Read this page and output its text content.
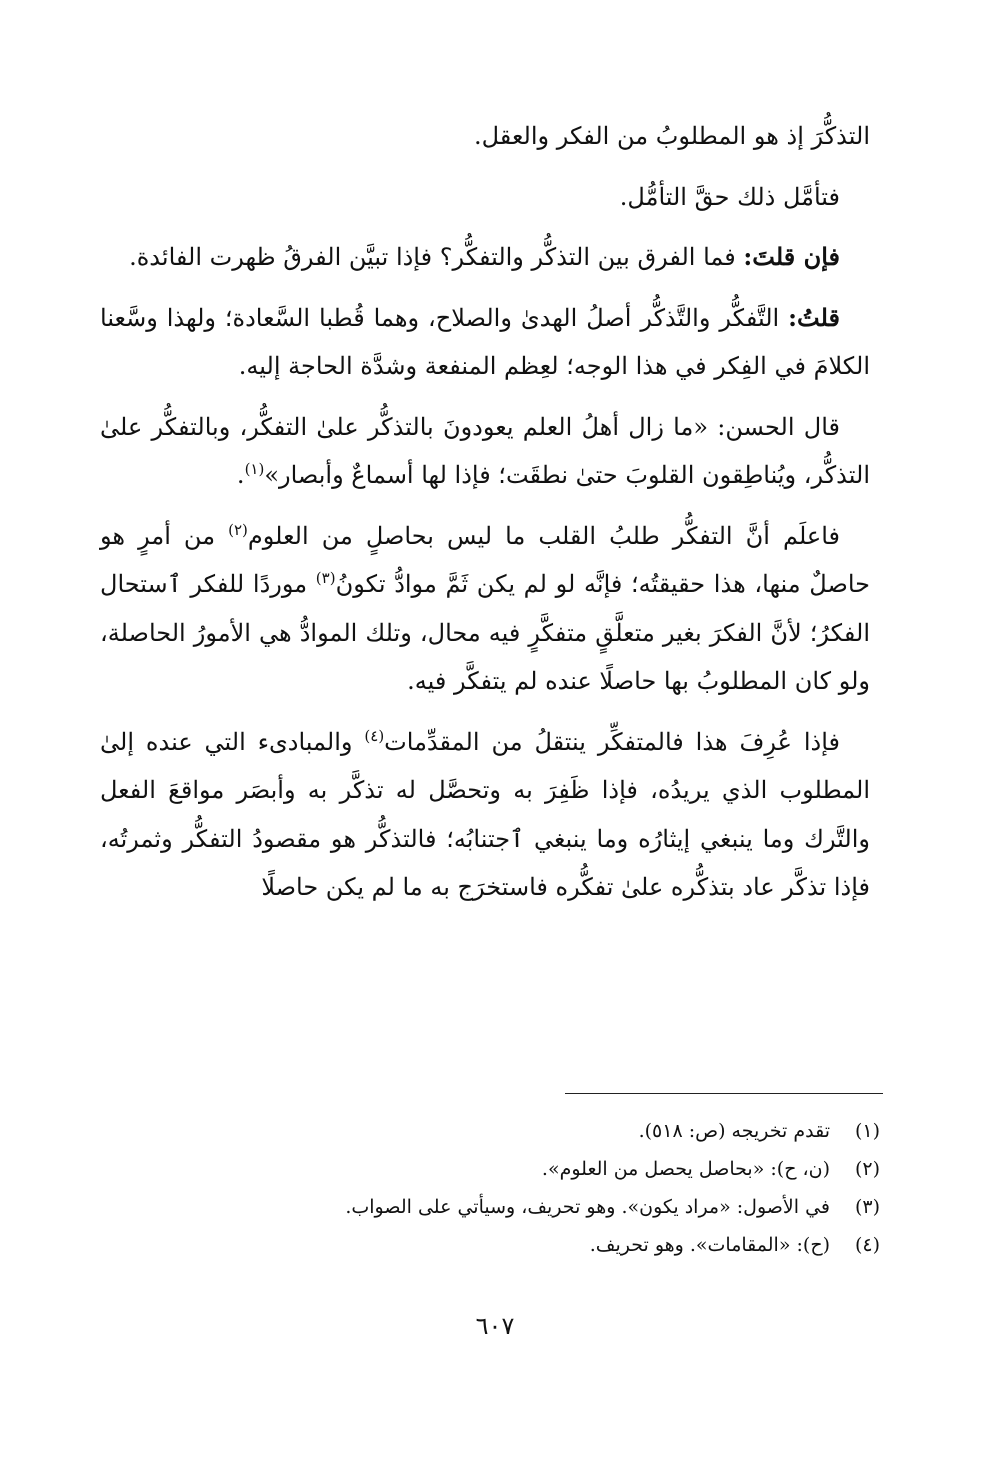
التذكُّرَ إذ هو المطلوبُ من الفكر والعقل.

فتأمَّل ذلك حقَّ التأمُّل.

فإن قلتَ: فما الفرق بين التذكُّر والتفكُّر؟ فإذا تبيَّن الفرقُ ظهرت الفائدة.

قلتُ: التَّفكُّر والتَّذكُّر أصلُ الهدىٰ والصلاح، وهما قُطبا السَّعادة؛ ولهذا وسَّعنا الكلامَ في الفِكر في هذا الوجه؛ لعِظم المنفعة وشدَّة الحاجة إليه.

قال الحسن: «ما زال أهلُ العلم يعودونَ بالتذكُّر علىٰ التفكُّر، وبالتفكُّر علىٰ التذكُّر، ويُناطِقون القلوبَ حتىٰ نطقَت؛ فإذا لها أسماعٌ وأبصار»$^{(١)}$.

فاعلَم أنَّ التفكُّر طلبُ القلب ما ليس بحاصلٍ من العلوم$^{(٢)}$ من أمرٍ هو حاصلٌ منها، هذا حقيقتُه؛ فإنَّه لو لم يكن ثَمَّ موادُّ تكونُ$^{(٣)}$ موردًا للفكر ٱستحال الفكرُ؛ لأنَّ الفكرَ بغير متعلَّقٍ متفكَّرٍ فيه محال، وتلك الموادُّ هي الأمورُ الحاصلة، ولو كان المطلوبُ بها حاصلًا عنده لم يتفكَّر فيه.

فإذا عُرِفَ هذا فالمتفكِّر ينتقلُ من المقدِّمات$^{(٤)}$ والمبادىء التي عنده إلىٰ المطلوب الذي يريدُه، فإذا ظَفِرَ به وتحصَّل له تذكَّر به وأبصَر مواقعَ الفعل والتَّرك وما ينبغي إيثارُه وما ينبغي ٱجتنابُه؛ فالتذكُّر هو مقصودُ التفكُّر وثمرتُه، فإذا تذكَّر عاد بتذكُّره علىٰ تفكُّره فاستخرَج به ما لم يكن حاصلًا

(١)تقدم تخريجه (ص: ٥١٨).

(٢)(ن، ح): «بحاصل يحصل من العلوم».

(٣)في الأصول: «مراد يكون». وهو تحريف، وسيأتي على الصواب.

(٤)(ح): «المقامات». وهو تحريف.

٦٠٧
